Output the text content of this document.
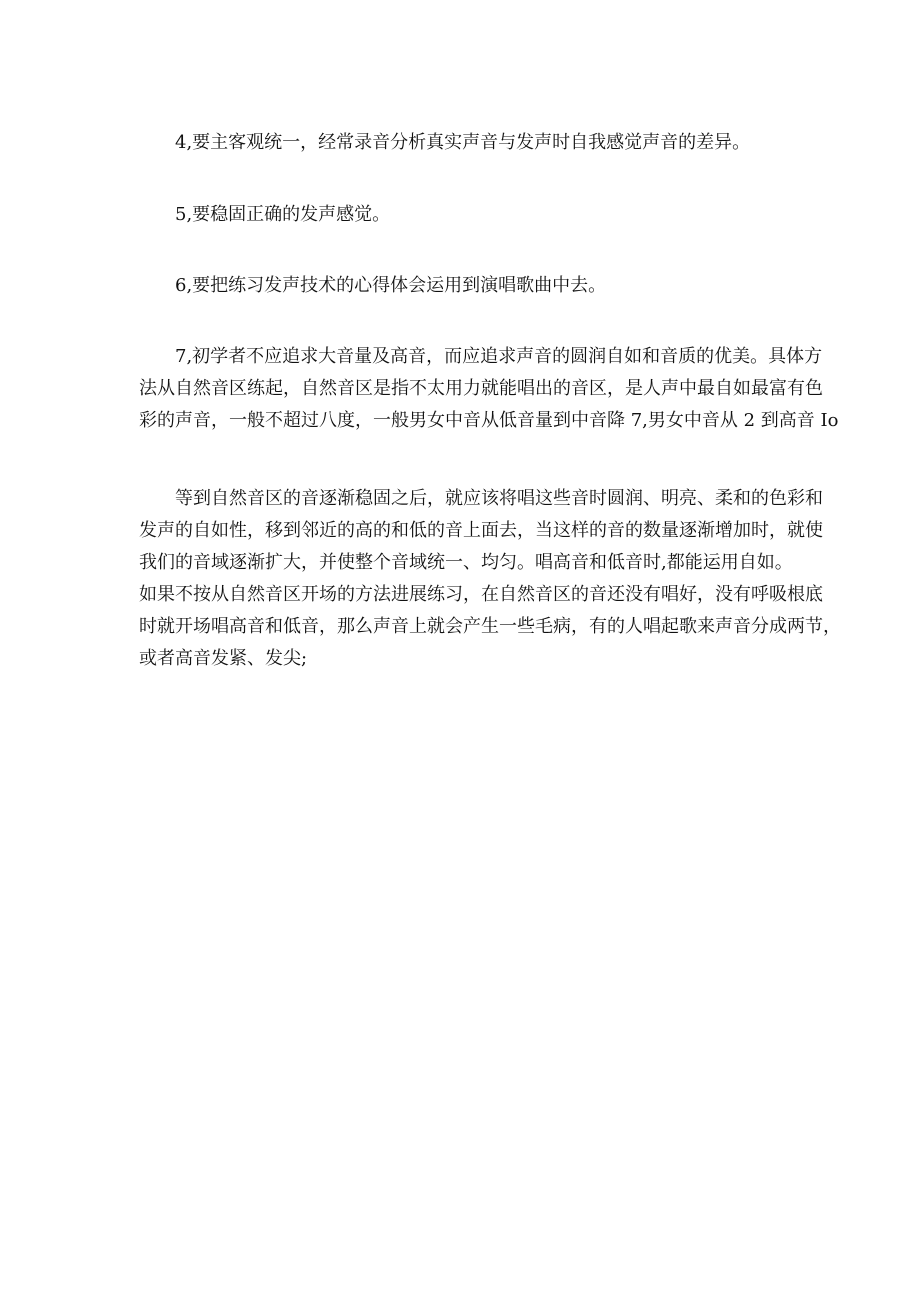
4,要主客观统一，经常录音分析真实声音与发声时自我感觉声音的差异。

5,要稳固正确的发声感觉。

6,要把练习发声技术的心得体会运用到演唱歌曲中去。

7,初学者不应追求大音量及高音，而应追求声音的圆润自如和音质的优美。具体方
法从自然音区练起，自然音区是指不太用力就能唱出的音区，是人声中最自如最富有色
彩的声音，一般不超过八度，一般男女中音从低音量到中音降 7,男女中音从 2 到高音 Io

等到自然音区的音逐渐稳固之后，就应该将唱这些音时圆润、明亮、柔和的色彩和
发声的自如性，移到邻近的高的和低的音上面去，当这样的音的数量逐渐增加时，就使
我们的音域逐渐扩大，并使整个音域统一、均匀。唱高音和低音时,都能运用自如。
如果不按从自然音区开场的方法进展练习，在自然音区的音还没有唱好，没有呼吸根底
时就开场唱高音和低音，那么声音上就会产生一些毛病，有的人唱起歌来声音分成两节，
或者高音发紧、发尖;
